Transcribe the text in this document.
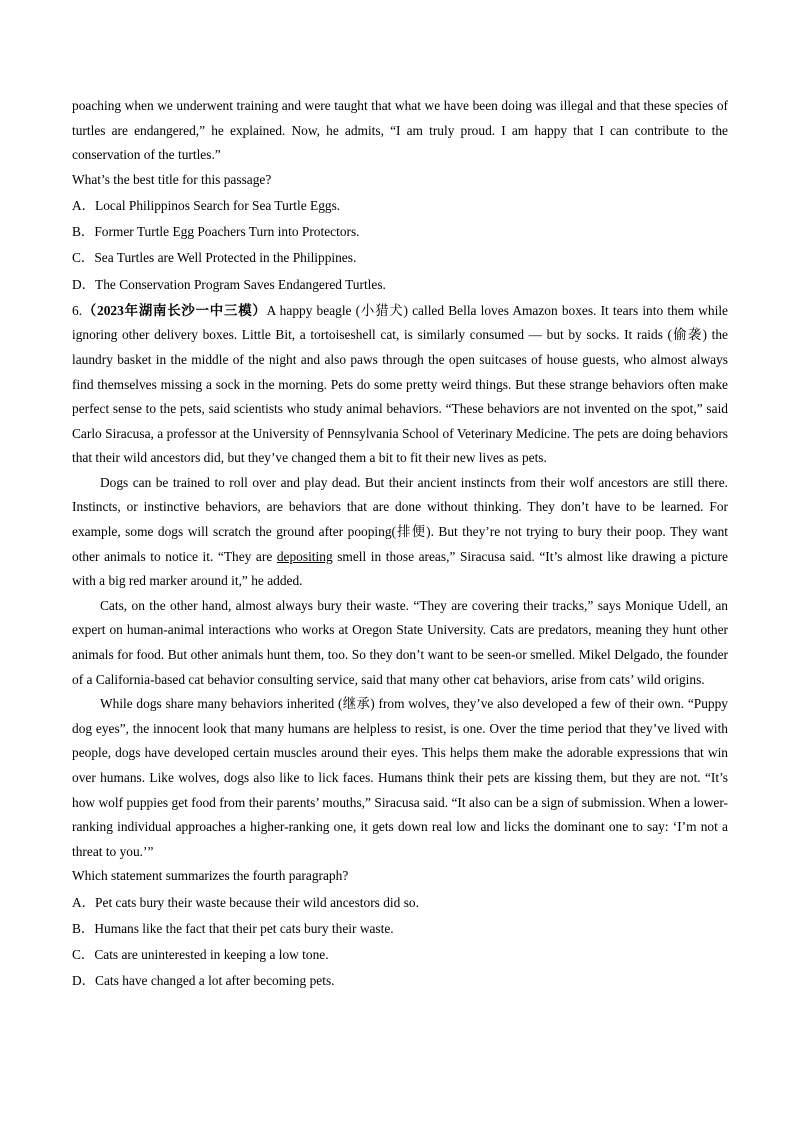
poaching when we underwent training and were taught that what we have been doing was illegal and that these species of turtles are endangered,” he explained. Now, he admits, “I am truly proud. I am happy that I can contribute to the conservation of the turtles.”

What’s the best title for this passage?

A．Local Philippinos Search for Sea Turtle Eggs.

B．Former Turtle Egg Poachers Turn into Protectors.

C．Sea Turtles are Well Protected in the Philippines.

D．The Conservation Program Saves Endangered Turtles.

6.（2023年湖南长沙一中三模）A happy beagle (小猎犬) called Bella loves Amazon boxes. It tears into them while ignoring other delivery boxes. Little Bit, a tortoiseshell cat, is similarly consumed — but by socks. It raids (偷袭) the laundry basket in the middle of the night and also paws through the open suitcases of house guests, who almost always find themselves missing a sock in the morning. Pets do some pretty weird things. But these strange behaviors often make perfect sense to the pets, said scientists who study animal behaviors. “These behaviors are not invented on the spot,” said Carlo Siracusa, a professor at the University of Pennsylvania School of Veterinary Medicine. The pets are doing behaviors that their wild ancestors did, but they’ve changed them a bit to fit their new lives as pets.

Dogs can be trained to roll over and play dead. But their ancient instincts from their wolf ancestors are still there. Instincts, or instinctive behaviors, are behaviors that are done without thinking. They don’t have to be learned. For example, some dogs will scratch the ground after pooping(排便). But they’re not trying to bury their poop. They want other animals to notice it. “They are depositing smell in those areas,” Siracusa said. “It’s almost like drawing a picture with a big red marker around it,” he added.

Cats, on the other hand, almost always bury their waste. “They are covering their tracks,” says Monique Udell, an expert on human-animal interactions who works at Oregon State University. Cats are predators, meaning they hunt other animals for food. But other animals hunt them, too. So they don’t want to be seen-or smelled. Mikel Delgado, the founder of a California-based cat behavior consulting service, said that many other cat behaviors, arise from cats’ wild origins.

While dogs share many behaviors inherited (继承) from wolves, they’ve also developed a few of their own. “Puppy dog eyes”, the innocent look that many humans are helpless to resist, is one. Over the time period that they’ve lived with people, dogs have developed certain muscles around their eyes. This helps them make the adorable expressions that win over humans. Like wolves, dogs also like to lick faces. Humans think their pets are kissing them, but they are not. “It’s how wolf puppies get food from their parents’ mouths,” Siracusa said. “It also can be a sign of submission. When a lower-ranking individual approaches a higher-ranking one, it gets down real low and licks the dominant one to say: ‘I’m not a threat to you.’”

Which statement summarizes the fourth paragraph?

A．Pet cats bury their waste because their wild ancestors did so.

B．Humans like the fact that their pet cats bury their waste.

C．Cats are uninterested in keeping a low tone.

D．Cats have changed a lot after becoming pets.
